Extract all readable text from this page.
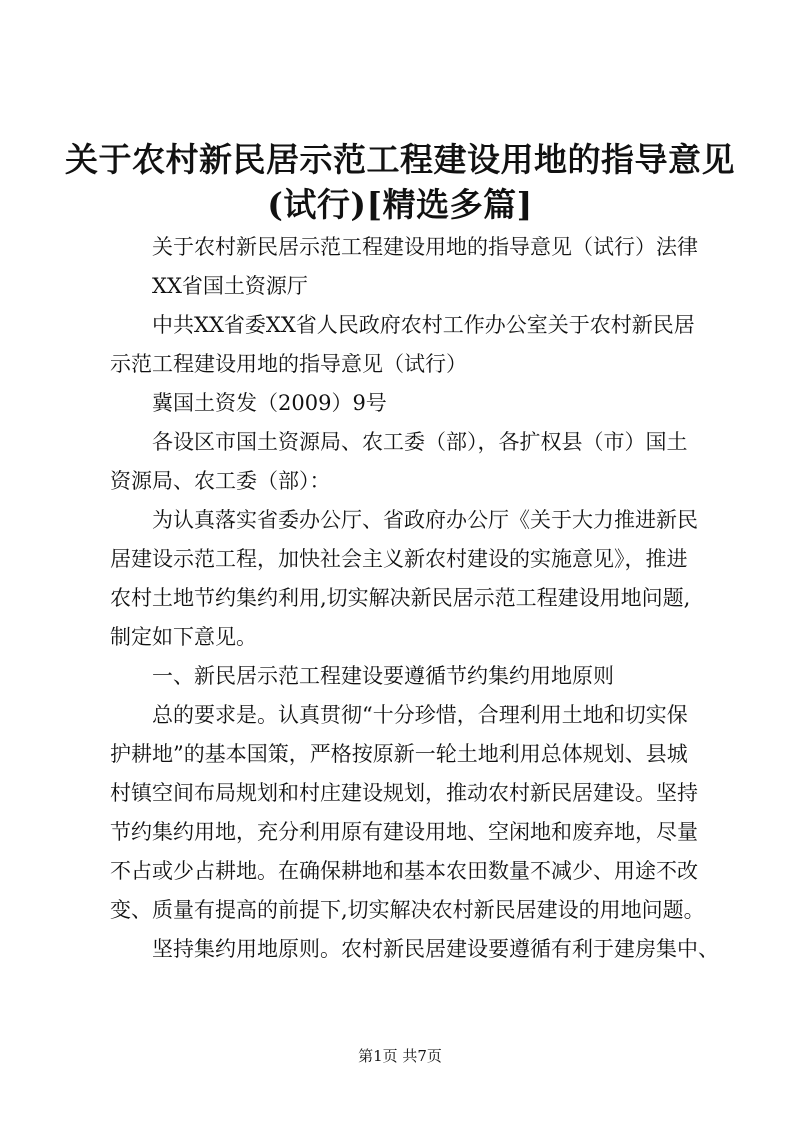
关于农村新民居示范工程建设用地的指导意见
(试行)[精选多篇]
关于农村新民居示范工程建设用地的指导意见（试行）法律
XX省国土资源厅
中共XX省委XX省人民政府农村工作办公室关于农村新民居
示范工程建设用地的指导意见（试行）
冀国土资发（2009）9号
各设区市国土资源局、农工委（部），各扩权县（市）国土
资源局、农工委（部）：
为认真落实省委办公厅、省政府办公厅《关于大力推进新民
居建设示范工程，加快社会主义新农村建设的实施意见》，推进
农村土地节约集约利用,切实解决新民居示范工程建设用地问题,
制定如下意见。
一、新民居示范工程建设要遵循节约集约用地原则
总的要求是。认真贯彻“十分珍惜，合理利用土地和切实保
护耕地”的基本国策，严格按原新一轮土地利用总体规划、县城
村镇空间布局规划和村庄建设规划，推动农村新民居建设。坚持
节约集约用地，充分利用原有建设用地、空闲地和废弃地，尽量
不占或少占耕地。在确保耕地和基本农田数量不减少、用途不改
变、质量有提高的前提下,切实解决农村新民居建设的用地问题。
坚持集约用地原则。农村新民居建设要遵循有利于建房集中、
第1页 共7页
